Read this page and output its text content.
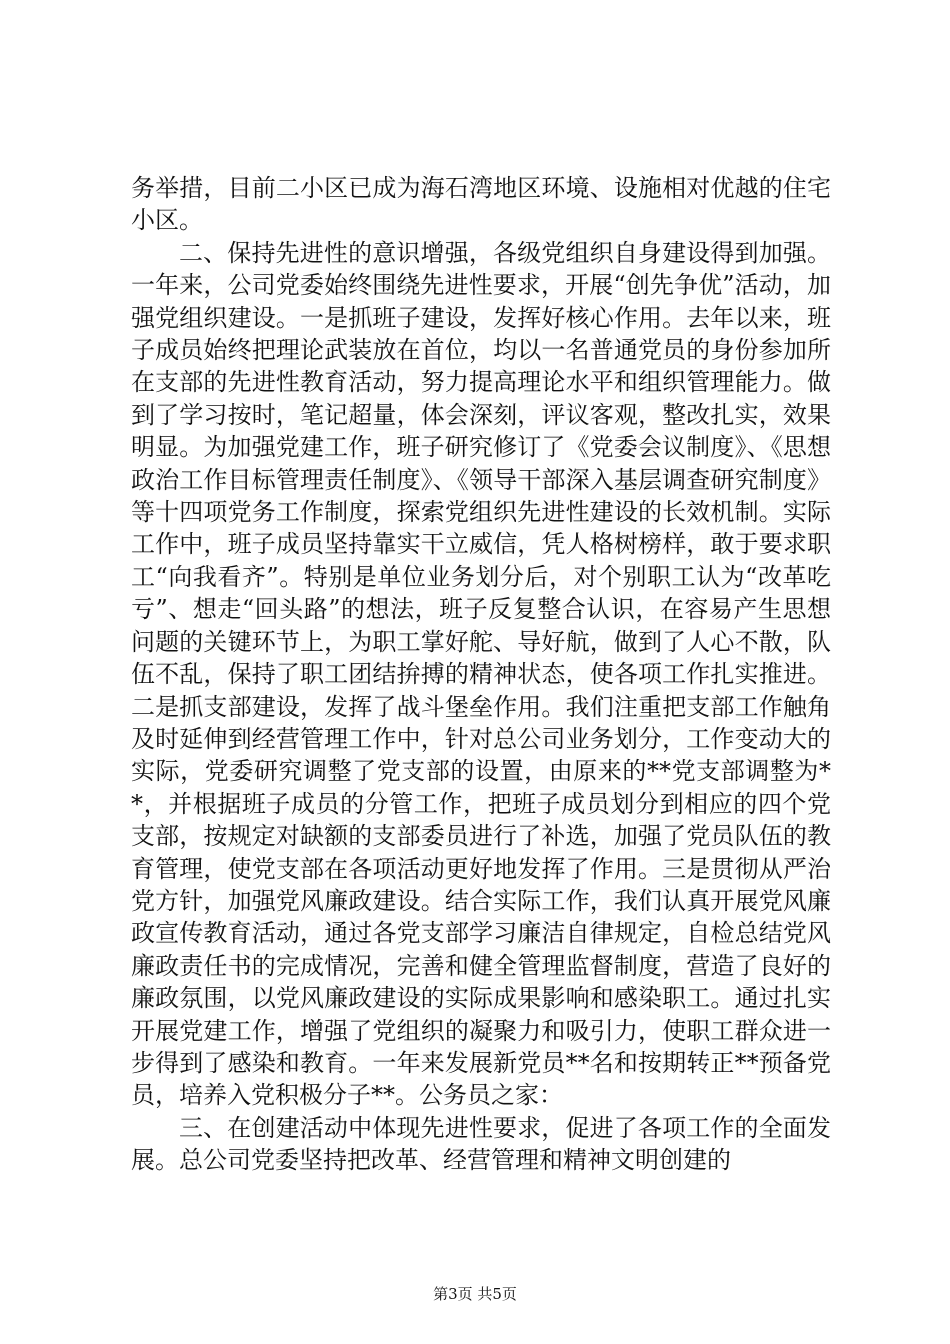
务举措，目前二小区已成为海石湾地区环境、设施相对优越的住宅小区。

二、保持先进性的意识增强，各级党组织自身建设得到加强。一年来，公司党委始终围绕先进性要求，开展“创先争优”活动，加强党组织建设。一是抓班子建设，发挥好核心作用。去年以来，班子成员始终把理论武装放在首位，均以一名普通党员的身份参加所在支部的先进性教育活动，努力提高理论水平和组织管理能力。做到了学习按时，笔记超量，体会深刻，评议客观，整改扎实，效果明显。为加强党建工作，班子研究修订了《党委会议制度》、《思想政治工作目标管理责任制度》、《领导干部深入基层调查研究制度》等十四项党务工作制度，探索党组织先进性建设的长效机制。实际工作中，班子成员坚持靠实干立威信，凭人格树榜样，敢于要求职工“向我看齐”。特别是单位业务划分后，对个别职工认为“改革吃亏”、想走“回头路”的想法，班子反复整合认识，在容易产生思想问题的关键环节上，为职工掌好舵、导好航，做到了人心不散，队伍不乱，保持了职工团结拚搏的精神状态，使各项工作扎实推进。二是抓支部建设，发挥了战斗堡垒作用。我们注重把支部工作触角及时延伸到经营管理工作中，针对总公司业务划分，工作变动大的实际，党委研究调整了党支部的设置，由原来的**党支部调整为**，并根据班子成员的分管工作，把班子成员划分到相应的四个党支部，按规定对缺额的支部委员进行了补选，加强了党员队伍的教育管理，使党支部在各项活动更好地发挥了作用。三是贯彻从严治党方针，加强党风廉政建设。结合实际工作，我们认真开展党风廉政宣传教育活动，通过各党支部学习廉洁自律规定，自检总结党风廉政责任书的完成情况，完善和健全管理监督制度，营造了良好的廉政氛围，以党风廉政建设的实际成果影响和感染职工。通过扎实开展党建工作，增强了党组织的凝聚力和吸引力，使职工群众进一步得到了感染和教育。一年来发展新党员**名和按期转正**预备党员，培养入党积极分子**。公务员之家：

三、在创建活动中体现先进性要求，促进了各项工作的全面发展。总公司党委坚持把改革、经营管理和精神文明创建的

第3页 共5页
